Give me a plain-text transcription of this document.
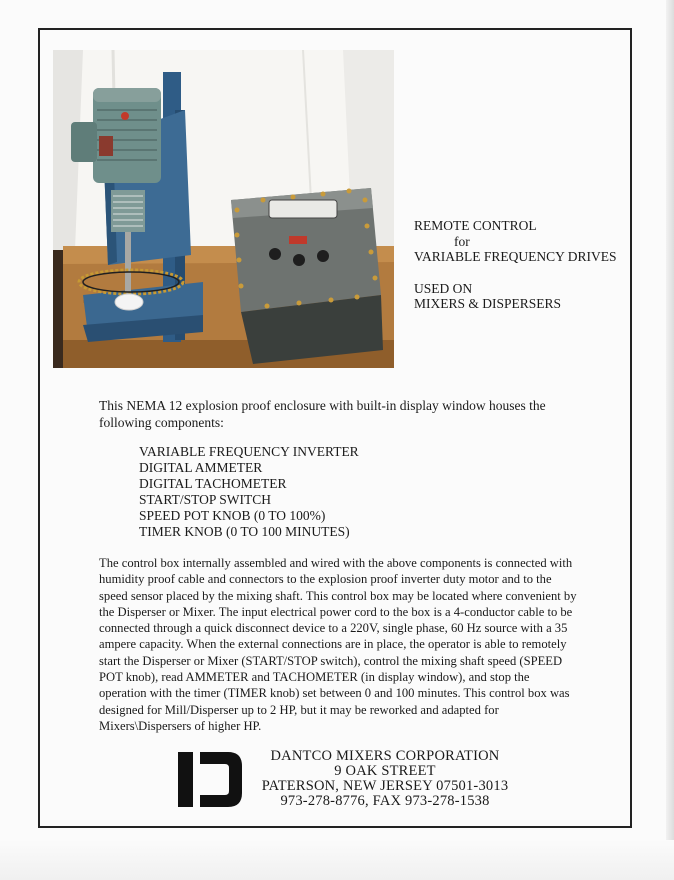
REMOTE CONTROL
for
VARIABLE FREQUENCY DRIVES
USED ON
MIXERS & DISPERSERS
This NEMA 12 explosion proof enclosure with built-in display window houses the following components:
VARIABLE FREQUENCY INVERTER
DIGITAL AMMETER
DIGITAL TACHOMETER
START/STOP SWITCH
SPEED POT KNOB (0 TO 100%)
TIMER KNOB (0 TO 100 MINUTES)

The control box internally assembled and wired with the above components is connected with humidity proof cable and connectors to the explosion proof inverter duty motor and to the speed sensor placed by the mixing shaft. This control box may be located where convenient by the Disperser or Mixer. The input electrical power cord to the box is a 4-conductor cable to be connected through a quick disconnect device to a 220V, single phase, 60 Hz source with a 35 ampere capacity. When the external connections are in place, the operator is able to remotely start the Disperser or Mixer (START/STOP switch), control the mixing shaft speed (SPEED POT knob), read AMMETER and TACHOMETER (in display window), and stop the operation with the timer (TIMER knob) set between 0 and 100 minutes. This control box was designed for Mill/Disperser up to 2 HP, but it may be reworked and adapted for Mixers\Dispersers of higher HP.

DANTCO MIXERS CORPORATION
9 OAK STREET
PATERSON, NEW JERSEY 07501-3013
973-278-8776, FAX 973-278-1538
